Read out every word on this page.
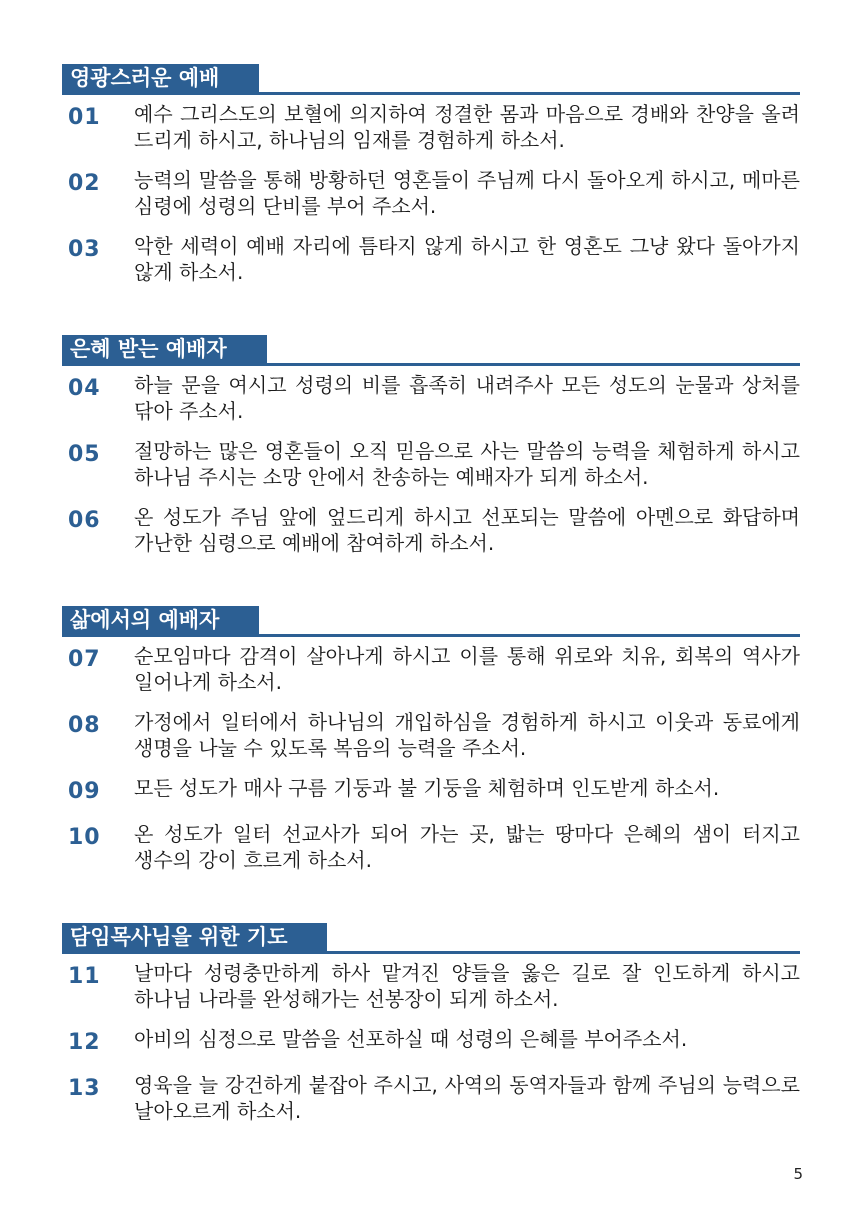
영광스러운 예배
01	예수 그리스도의 보혈에 의지하여 정결한 몸과 마음으로 경배와 찬양을 올려 드리게 하시고, 하나님의 임재를 경험하게 하소서.
02	능력의 말씀을 통해 방황하던 영혼들이 주님께 다시 돌아오게 하시고, 메마른 심령에 성령의 단비를 부어 주소서.
03	악한 세력이 예배 자리에 틈타지 않게 하시고 한 영혼도 그냥 왔다 돌아가지 않게 하소서.
은혜 받는 예배자
04	하늘 문을 여시고 성령의 비를 흡족히 내려주사 모든 성도의 눈물과 상처를 닦아 주소서.
05	절망하는 많은 영혼들이 오직 믿음으로 사는 말씀의 능력을 체험하게 하시고 하나님 주시는 소망 안에서 찬송하는 예배자가 되게 하소서.
06	온 성도가 주님 앞에 엎드리게 하시고 선포되는 말씀에 아멘으로 화답하며 가난한 심령으로 예배에 참여하게 하소서.
삶에서의 예배자
07	순모임마다 감격이 살아나게 하시고 이를 통해 위로와 치유, 회복의 역사가 일어나게 하소서.
08	가정에서 일터에서 하나님의 개입하심을 경험하게 하시고 이웃과 동료에게 생명을 나눌 수 있도록 복음의 능력을 주소서.
09	모든 성도가 매사 구름 기둥과 불 기둥을 체험하며 인도받게 하소서.
10	온 성도가 일터 선교사가 되어 가는 곳, 밟는 땅마다 은혜의 샘이 터지고 생수의 강이 흐르게 하소서.
담임목사님을 위한 기도
11	날마다 성령충만하게 하사 맡겨진 양들을 옳은 길로 잘 인도하게 하시고 하나님 나라를 완성해가는 선봉장이 되게 하소서.
12	아비의 심정으로 말씀을 선포하실 때 성령의 은혜를 부어주소서.
13	영육을 늘 강건하게 붙잡아 주시고, 사역의 동역자들과 함께 주님의 능력으로 날아오르게 하소서.
5
